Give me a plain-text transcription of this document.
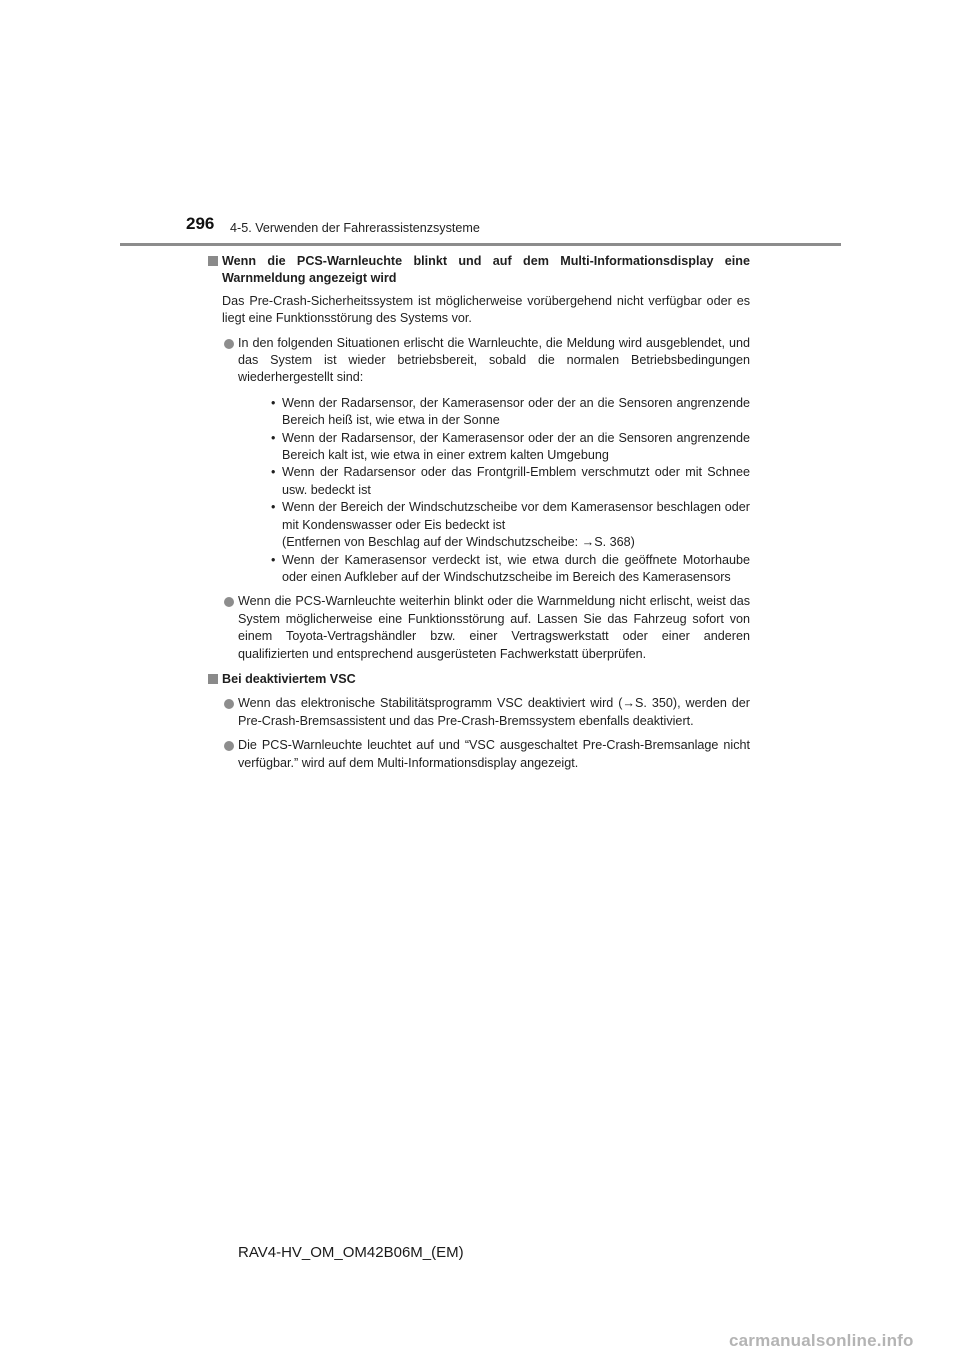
296 4-5. Verwenden der Fahrerassistenzsysteme

Wenn die PCS-Warnleuchte blinkt und auf dem Multi-Informationsdisplay eine Warnmeldung angezeigt wird

Das Pre-Crash-Sicherheitssystem ist möglicherweise vorübergehend nicht verfügbar oder es liegt eine Funktionsstörung des Systems vor.

In den folgenden Situationen erlischt die Warnleuchte, die Meldung wird ausgeblendet, und das System ist wieder betriebsbereit, sobald die normalen Betriebsbedingungen wiederhergestellt sind:

• Wenn der Radarsensor, der Kamerasensor oder der an die Sensoren angrenzende Bereich heiß ist, wie etwa in der Sonne
• Wenn der Radarsensor, der Kamerasensor oder der an die Sensoren angrenzende Bereich kalt ist, wie etwa in einer extrem kalten Umgebung
• Wenn der Radarsensor oder das Frontgrill-Emblem verschmutzt oder mit Schnee usw. bedeckt ist
• Wenn der Bereich der Windschutzscheibe vor dem Kamerasensor beschlagen oder mit Kondenswasser oder Eis bedeckt ist
(Entfernen von Beschlag auf der Windschutzscheibe: →S. 368)
• Wenn der Kamerasensor verdeckt ist, wie etwa durch die geöffnete Motorhaube oder einen Aufkleber auf der Windschutzscheibe im Bereich des Kamerasensors

Wenn die PCS-Warnleuchte weiterhin blinkt oder die Warnmeldung nicht erlischt, weist das System möglicherweise eine Funktionsstörung auf. Lassen Sie das Fahrzeug sofort von einem Toyota-Vertragshändler bzw. einer Vertragswerkstatt oder einer anderen qualifizierten und entsprechend ausgerüsteten Fachwerkstatt überprüfen.

Bei deaktiviertem VSC

Wenn das elektronische Stabilitätsprogramm VSC deaktiviert wird (→S. 350), werden der Pre-Crash-Bremsassistent und das Pre-Crash-Bremssystem ebenfalls deaktiviert.

Die PCS-Warnleuchte leuchtet auf und “VSC ausgeschaltet Pre-Crash-Bremsanlage nicht verfügbar.” wird auf dem Multi-Informationsdisplay angezeigt.

RAV4-HV_OM_OM42B06M_(EM)
carmanualsonline.info
